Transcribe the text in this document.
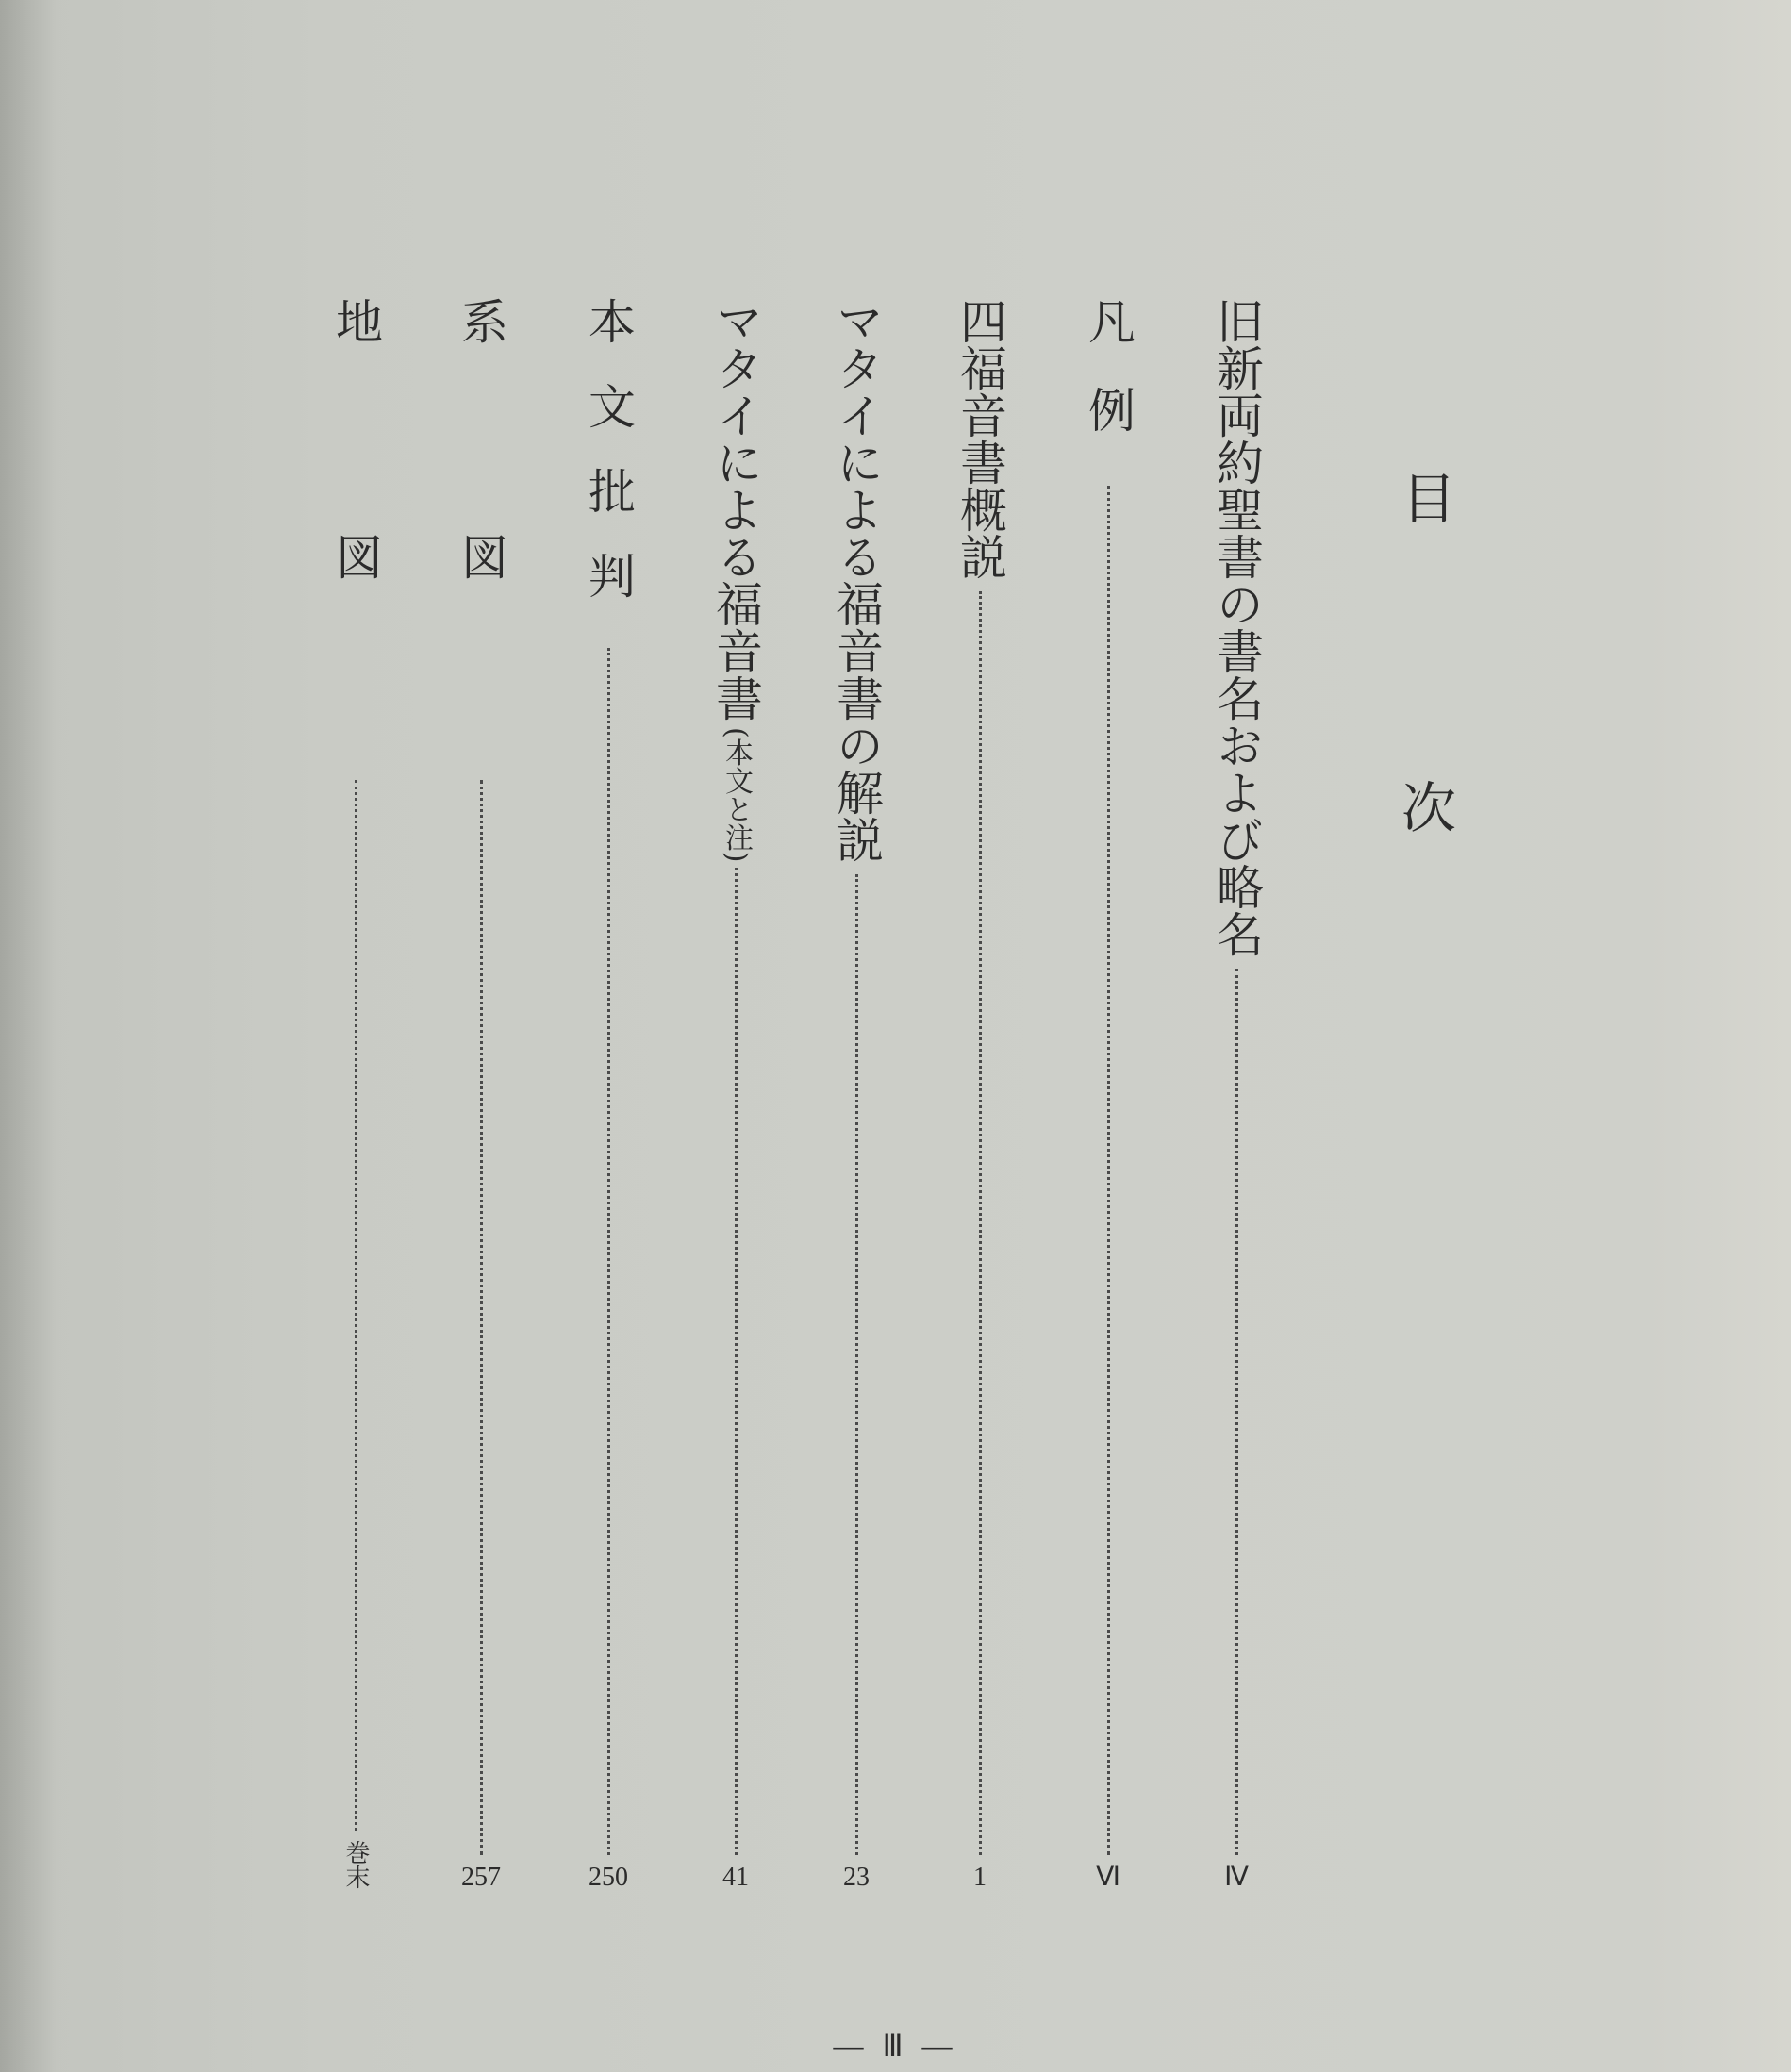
目
次
旧新両約聖書の書名および略名
Ⅳ
凡例
Ⅵ
四福音書概説
1
マタイによる福音書の解説
23
マタイによる福音書
(本文と注)
41
本文批判
250
系図
257
地図
巻末
— Ⅲ —
